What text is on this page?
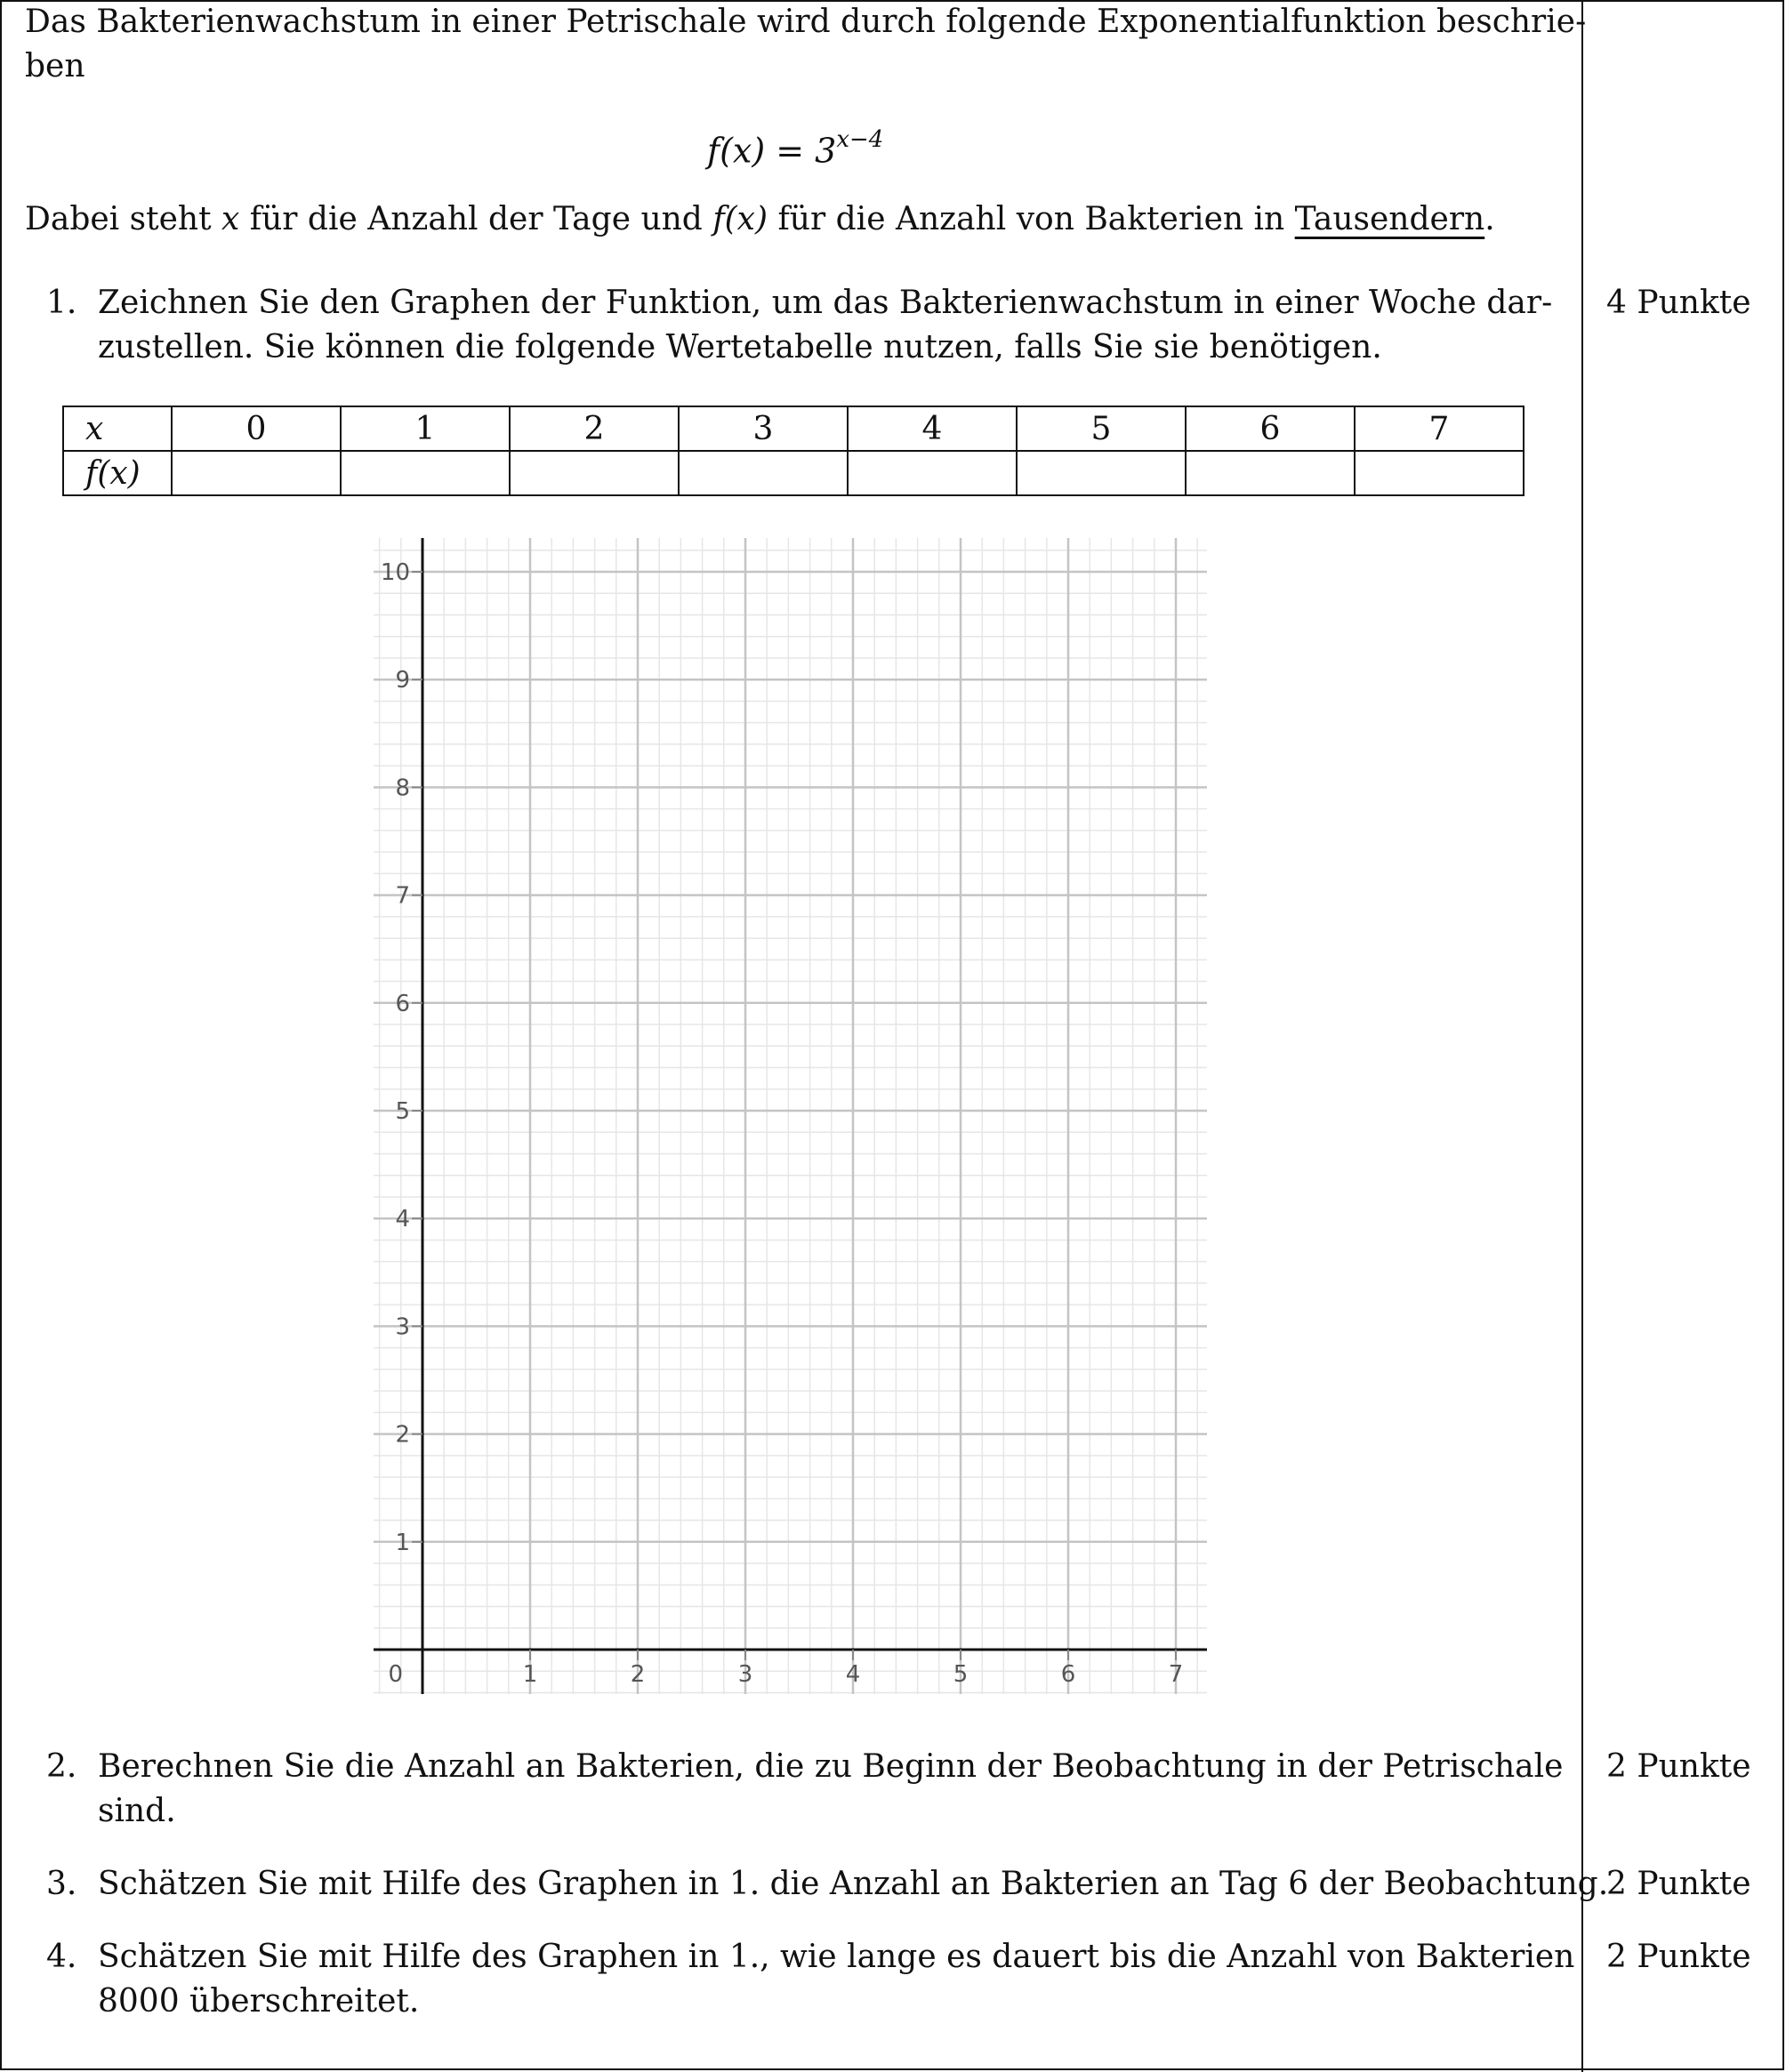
Das Bakterienwachstum in einer Petrischale wird durch folgende Exponentialfunktion beschrie-
ben
$f(x) = 3^{x-4}$
Dabei steht x für die Anzahl der Tage und f(x) für die Anzahl von Bakterien in Tausendern.
1. Zeichnen Sie den Graphen der Funktion, um das Bakterienwachstum in einer Woche dar-
zustellen. Sie können die folgende Wertetabelle nutzen, falls Sie sie benötigen.
4 Punkte
x	0	1	2	3	4	5	6	7
f(x)								
1	2	3	4	5	6	7
1
2
3
4
5
6
7
8
9
10
0
2. Berechnen Sie die Anzahl an Bakterien, die zu Beginn der Beobachtung in der Petrischale
sind.
2 Punkte
3. Schätzen Sie mit Hilfe des Graphen in 1. die Anzahl an Bakterien an Tag 6 der Beobachtung.
2 Punkte
4. Schätzen Sie mit Hilfe des Graphen in 1., wie lange es dauert bis die Anzahl von Bakterien
8000 überschreitet.
2 Punkte
